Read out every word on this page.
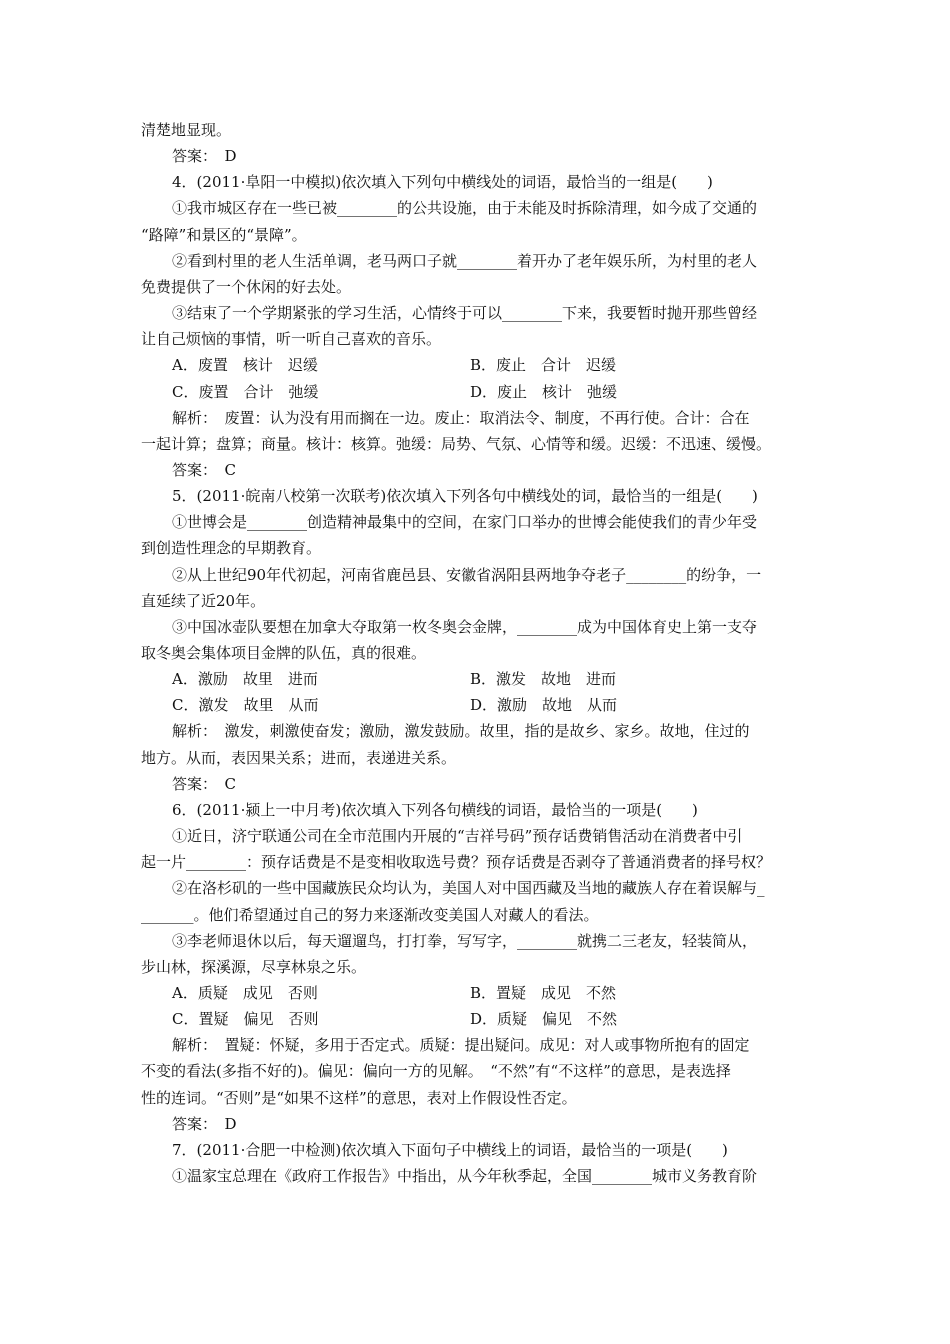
清楚地显现。
答案：　D
4．(2011·阜阳一中模拟)依次填入下列句中横线处的词语，最恰当的一组是(　　)
①我市城区存在一些已被________的公共设施，由于未能及时拆除清理，如今成了交通的
“路障”和景区的“景障”。
②看到村里的老人生活单调，老马两口子就________着开办了老年娱乐所，为村里的老人
免费提供了一个休闲的好去处。
③结束了一个学期紧张的学习生活，心情终于可以________下来，我要暂时抛开那些曾经
让自己烦恼的事情，听一听自己喜欢的音乐。
A．废置　核计　迟缓	B．废止　合计　迟缓
C．废置　合计　弛缓	D．废止　核计　弛缓
解析：　废置：认为没有用而搁在一边。废止：取消法令、制度，不再行使。合计：合在
一起计算；盘算；商量。核计：核算。弛缓：局势、气氛、心情等和缓。迟缓：不迅速、缓慢。
答案：　C
5．(2011·皖南八校第一次联考)依次填入下列各句中横线处的词，最恰当的一组是(　　)
①世博会是________创造精神最集中的空间，在家门口举办的世博会能使我们的青少年受
到创造性理念的早期教育。
②从上世纪90年代初起，河南省鹿邑县、安徽省涡阳县两地争夺老子________的纷争，一
直延续了近20年。
③中国冰壶队要想在加拿大夺取第一枚冬奥会金牌，________成为中国体育史上第一支夺
取冬奥会集体项目金牌的队伍，真的很难。
A．激励　故里　进而	B．激发　故地　进而
C．激发　故里　从而	D．激励　故地　从而
解析：　激发，刺激使奋发；激励，激发鼓励。故里，指的是故乡、家乡。故地，住过的
地方。从而，表因果关系；进而，表递进关系。
答案：　C
6．(2011·颍上一中月考)依次填入下列各句横线的词语，最恰当的一项是(　　)
①近日，济宁联通公司在全市范围内开展的“吉祥号码”预存话费销售活动在消费者中引
起一片________：预存话费是不是变相收取选号费？预存话费是否剥夺了普通消费者的择号权？
②在洛杉矶的一些中国藏族民众均认为，美国人对中国西藏及当地的藏族人存在着误解与_
_______。他们希望通过自己的努力来逐渐改变美国人对藏人的看法。
③李老师退休以后，每天遛遛鸟，打打拳，写写字，________就携二三老友，轻装简从，
步山林，探溪源，尽享林泉之乐。
A．质疑　成见　否则	B．置疑　成见　不然
C．置疑　偏见　否则	D．质疑　偏见　不然
解析：　置疑：怀疑，多用于否定式。质疑：提出疑问。成见：对人或事物所抱有的固定
不变的看法(多指不好的)。偏见：偏向一方的见解。　“不然”有“不这样”的意思，是表选择
性的连词。“否则”是“如果不这样”的意思，表对上作假设性否定。
答案：　D
7．(2011·合肥一中检测)依次填入下面句子中横线上的词语，最恰当的一项是(　　)
①温家宝总理在《政府工作报告》中指出，从今年秋季起，全国________城市义务教育阶
